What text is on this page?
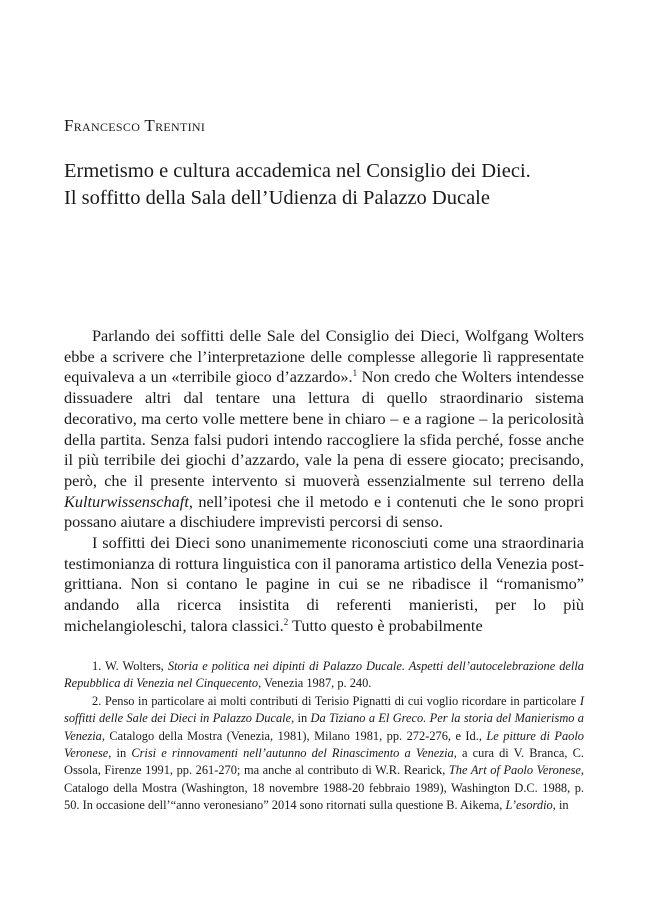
Francesco Trentini
Ermetismo e cultura accademica nel Consiglio dei Dieci.
Il soffitto della Sala dell’Udienza di Palazzo Ducale

Parlando dei soffitti delle Sale del Consiglio dei Dieci, Wolfgang Wolters ebbe a scrivere che l’interpretazione delle complesse allegorie lì rappresentate equivaleva a un «terribile gioco d’azzardo».$^1$ Non credo che Wolters intendesse dissuadere altri dal tentare una lettura di quello straordinario sistema decorativo, ma certo volle mettere bene in chiaro – e a ragione – la pericolosità della partita. Senza falsi pudori intendo raccogliere la sfida perché, fosse anche il più terribile dei giochi d’azzardo, vale la pena di essere giocato; precisando, però, che il presente intervento si muoverà essenzialmente sul terreno della Kulturwissenschaft, nell’ipotesi che il metodo e i contenuti che le sono propri possano aiutare a dischiudere imprevisti percorsi di senso.

I soffitti dei Dieci sono unanimemente riconosciuti come una straordinaria testimonianza di rottura linguistica con il panorama artistico della Venezia post-grittiana. Non si contano le pagine in cui se ne ribadisce il “romanismo” andando alla ricerca insistita di referenti manieristi, per lo più michelangioleschi, talora classici.$^2$ Tutto questo è probabilmente

1. W. Wolters, Storia e politica nei dipinti di Palazzo Ducale. Aspetti dell’autocelebrazione della Repubblica di Venezia nel Cinquecento, Venezia 1987, p. 240.

2. Penso in particolare ai molti contributi di Terisio Pignatti di cui voglio ricordare in particolare I soffitti delle Sale dei Dieci in Palazzo Ducale, in Da Tiziano a El Greco. Per la storia del Manierismo a Venezia, Catalogo della Mostra (Venezia, 1981), Milano 1981, pp. 272-276, e Id., Le pitture di Paolo Veronese, in Crisi e rinnovamenti nell’autunno del Rinascimento a Venezia, a cura di V. Branca, C. Ossola, Firenze 1991, pp. 261-270; ma anche al contributo di W.R. Rearick, The Art of Paolo Veronese, Catalogo della Mostra (Washington, 18 novembre 1988-20 febbraio 1989), Washington D.C. 1988, p. 50. In occasione dell’“anno veronesiano” 2014 sono ritornati sulla questione B. Aikema, L’esordio, in
